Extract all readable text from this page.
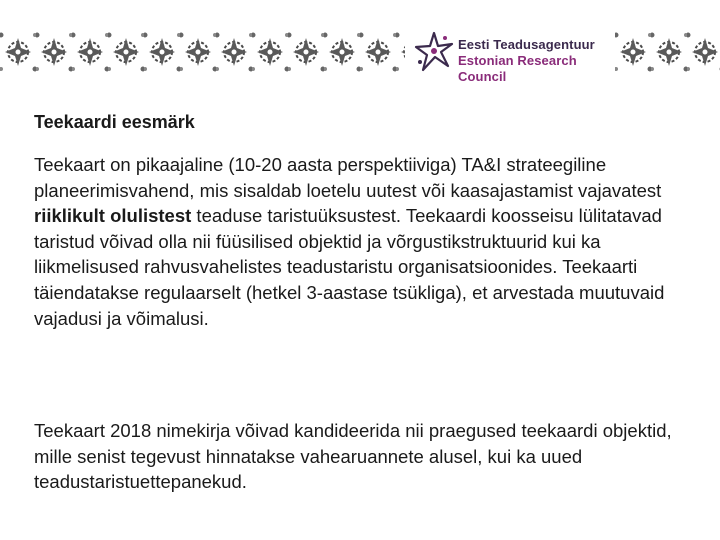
Eesti Teadusagentuur
Estonian Research Council
Teekaardi eesmärk

Teekaart on pikaajaline (10-20 aasta perspektiiviga) TA&I strateegiline planeerimisvahend, mis sisaldab loetelu uutest või kaasajastamist vajavatest riiklikult olulistest teaduse taristuüksustest. Teekaardi koosseisu lülitatavad taristud võivad olla nii füüsilised objektid ja võrgustikstruktuurid kui ka liikmelisused rahvusvahelistes teadustaristu organisatsioonides. Teekaarti täiendatakse regulaarselt (hetkel 3-aastase tsükliga), et arvestada muutuvaid vajadusi ja võimalusi.

Teekaart 2018 nimekirja võivad kandideerida nii praegused teekaardi objektid, mille senist tegevust hinnatakse vahearuannete alusel, kui ka uued teadustaristuettepanekud.
